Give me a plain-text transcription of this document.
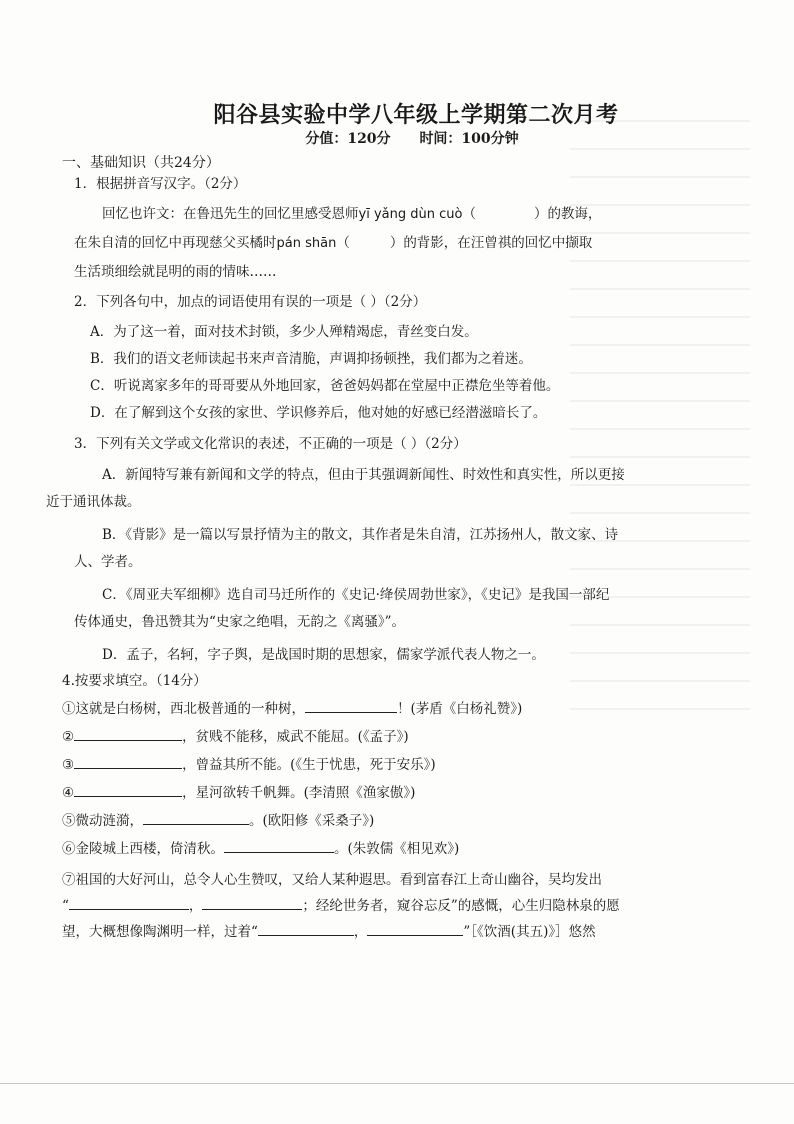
阳谷县实验中学八年级上学期第二次月考
分值：120分 时间：100分钟
一、基础知识（共24分）
1．根据拼音写汉字。（2分）
回忆也许文：在鲁迅先生的回忆里感受恩师yī yǎng dùn cuò（	）的教诲，
在朱自清的回忆中再现慈父买橘时pán shān（	）的背影，在汪曾祺的回忆中撷取
生活琐细绘就昆明的雨的情味……
2．下列各句中，加点的词语使用有误的一项是（ ）（2分）
A．为了这一着，面对技术封锁，多少人殚精竭虑，青丝变白发。
B．我们的语文老师读起书来声音清脆，声调抑扬顿挫，我们都为之着迷。
C．听说离家多年的哥哥要从外地回家，爸爸妈妈都在堂屋中正襟危坐等着他。
D．在了解到这个女孩的家世、学识修养后，他对她的好感已经潜滋暗长了。
3．下列有关文学或文化常识的表述，不正确的一项是（ ）（2分）
A．新闻特写兼有新闻和文学的特点，但由于其强调新闻性、时效性和真实性，所以更接
近于通讯体裁。
B．《背影》是一篇以写景抒情为主的散文，其作者是朱自清，江苏扬州人，散文家、诗
人、学者。
C．《周亚夫军细柳》选自司马迁所作的《史记·绛侯周勃世家》，《史记》是我国一部纪
传体通史，鲁迅赞其为“史家之绝唱，无韵之《离骚》”。
D．孟子，名轲，字子舆，是战国时期的思想家，儒家学派代表人物之一。
4.按要求填空。（14分）
①这就是白杨树，西北极普通的一种树，	！(茅盾《白杨礼赞》)
②	，贫贱不能移，威武不能屈。(《孟子》)
③	，曾益其所不能。(《生于忧患，死于安乐》)
④	，星河欲转千帆舞。(李清照《渔家傲》)
⑤微动涟漪，	。(欧阳修《采桑子》)
⑥金陵城上西楼，倚清秋。	。(朱敦儒《相见欢》)
⑦祖国的大好河山，总令人心生赞叹，又给人某种遐思。看到富春江上奇山幽谷，吴均发出
“	，	；经纶世务者，窥谷忘反”的感慨，心生归隐林泉的愿
望，大概想像陶渊明一样，过着“	，	”［《饮酒(其五)》］悠然
